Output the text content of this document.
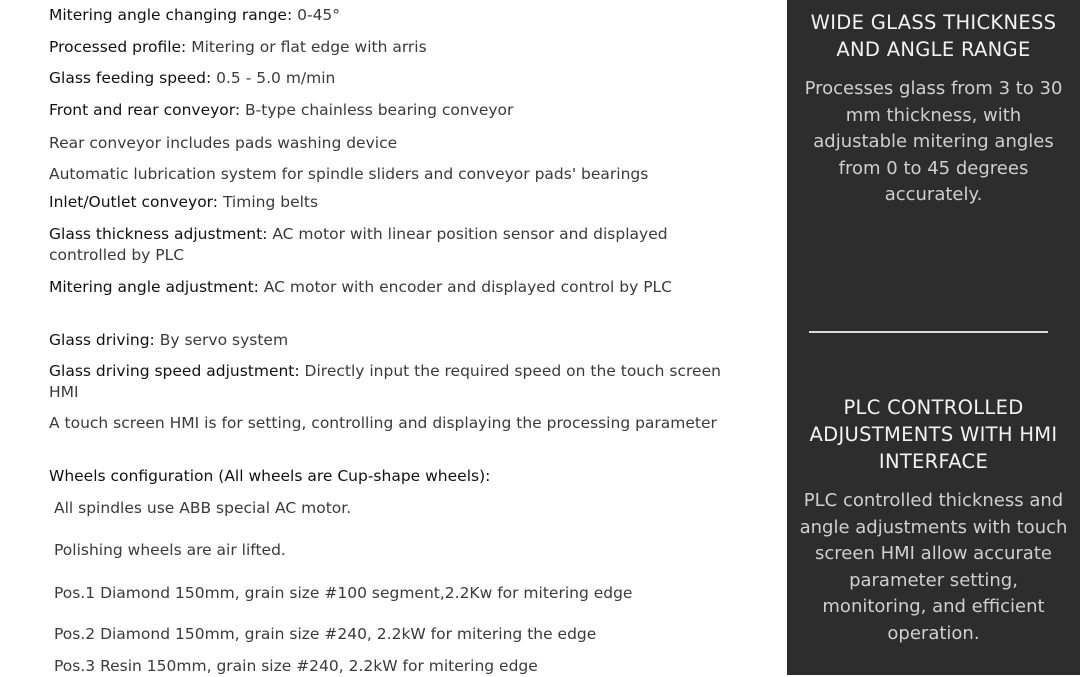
Mitering angle changing range: 0-45°
Processed profile: Mitering or flat edge with arris
Glass feeding speed: 0.5 - 5.0 m/min
Front and rear conveyor: B-type chainless bearing conveyor
Rear conveyor includes pads washing device
Automatic lubrication system for spindle sliders and conveyor pads' bearings
Inlet/Outlet conveyor: Timing belts
Glass thickness adjustment: AC motor with linear position sensor and displayed controlled by PLC
Mitering angle adjustment: AC motor with encoder and displayed control by PLC
Glass driving: By servo system
Glass driving speed adjustment: Directly input the required speed on the touch screen HMI
A touch screen HMI is for setting, controlling and displaying the processing parameter
Wheels configuration (All wheels are Cup-shape wheels):
All spindles use ABB special AC motor.
Polishing wheels are air lifted.
Pos.1 Diamond 150mm, grain size #100 segment,2.2Kw for mitering edge
Pos.2 Diamond 150mm, grain size #240, 2.2kW for mitering the edge
Pos.3 Resin 150mm, grain size #240, 2.2kW for mitering edge
WIDE GLASS THICKNESS AND ANGLE RANGE
Processes glass from 3 to 30 mm thickness, with adjustable mitering angles from 0 to 45 degrees accurately.
PLC CONTROLLED ADJUSTMENTS WITH HMI INTERFACE
PLC controlled thickness and angle adjustments with touch screen HMI allow accurate parameter setting, monitoring, and efficient operation.
